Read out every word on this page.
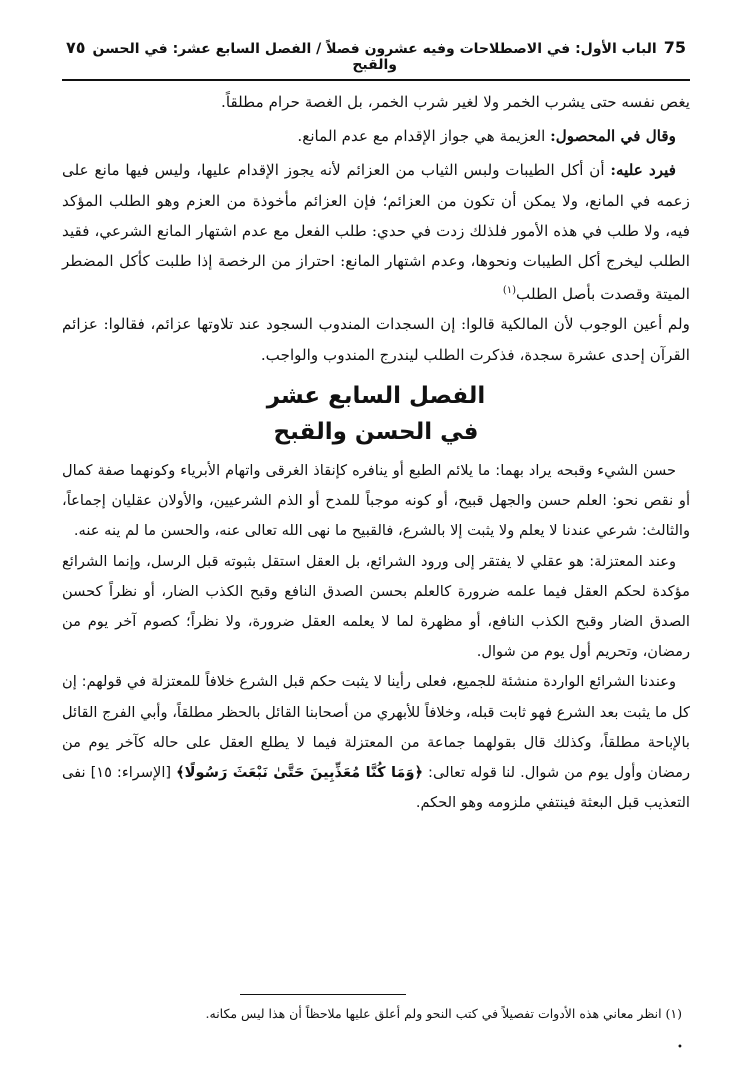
75
الباب الأول: في الاصطلاحات وفيه عشرون فصلاً / الفصل السابع عشر: في الحسن والقبح
٧٥

يغص نفسه حتى يشرب الخمر ولا لغير شرب الخمر، بل الغصة حرام مطلقاً.

وقال في المحصول: العزيمة هي جواز الإقدام مع عدم المانع.

فيرد عليه: أن أكل الطيبات ولبس الثياب من العزائم لأنه يجوز الإقدام عليها، وليس فيها مانع على زعمه في المانع، ولا يمكن أن تكون من العزائم؛ فإن العزائم مأخوذة من العزم وهو الطلب المؤكد فيه، ولا طلب في هذه الأمور فلذلك زدت في حدي: طلب الفعل مع عدم اشتهار المانع الشرعي، فقيد الطلب ليخرج أكل الطيبات ونحوها، وعدم اشتهار المانع: احتراز من الرخصة إذا طلبت كأكل المضطر الميتة وقصدت بأصل الطلب$^{(١)}$

ولم أعين الوجوب لأن المالكية قالوا: إن السجدات المندوب السجود عند تلاوتها عزائم، فقالوا: عزائم القرآن إحدى عشرة سجدة، فذكرت الطلب ليندرج المندوب والواجب.

الفصل السابع عشر
في الحسن والقبح

حسن الشيء وقبحه يراد بهما: ما يلائم الطبع أو ينافره كإنقاذ الغرقى واتهام الأبرياء وكونهما صفة كمال أو نقص نحو: العلم حسن والجهل قبيح، أو كونه موجباً للمدح أو الذم الشرعيين، والأولان عقليان إجماعاً، والثالث: شرعي عندنا لا يعلم ولا يثبت إلا بالشرع، فالقبيح ما نهى الله تعالى عنه، والحسن ما لم ينه عنه.

وعند المعتزلة: هو عقلي لا يفتقر إلى ورود الشرائع، بل العقل استقل بثبوته قبل الرسل، وإنما الشرائع مؤكدة لحكم العقل فيما علمه ضرورة كالعلم بحسن الصدق النافع وقبح الكذب الضار، أو نظراً كحسن الصدق الضار وقبح الكذب النافع، أو مظهرة لما لا يعلمه العقل ضرورة، ولا نظراً؛ كصوم آخر يوم من رمضان، وتحريم أول يوم من شوال.

وعندنا الشرائع الواردة منشئة للجميع، فعلى رأينا لا يثبت حكم قبل الشرع خلافاً للمعتزلة في قولهم: إن كل ما يثبت بعد الشرع فهو ثابت قبله، وخلافاً للأبهري من أصحابنا القائل بالحظر مطلقاً، وأبي الفرج القائل بالإباحة مطلقاً، وكذلك قال بقولهما جماعة من المعتزلة فيما لا يطلع العقل على حاله كآخر يوم من رمضان وأول يوم من شوال. لنا قوله تعالى: ﴿وَمَا كُنَّا مُعَذِّبِينَ حَتَّىٰ نَبْعَثَ رَسُولًا﴾ [الإسراء: ١٥] نفى التعذيب قبل البعثة فينتفي ملزومه وهو الحكم.

(١) انظر معاني هذه الأدوات تفصيلاً في كتب النحو ولم أعلق عليها ملاحظاً أن هذا ليس مكانه.
•
